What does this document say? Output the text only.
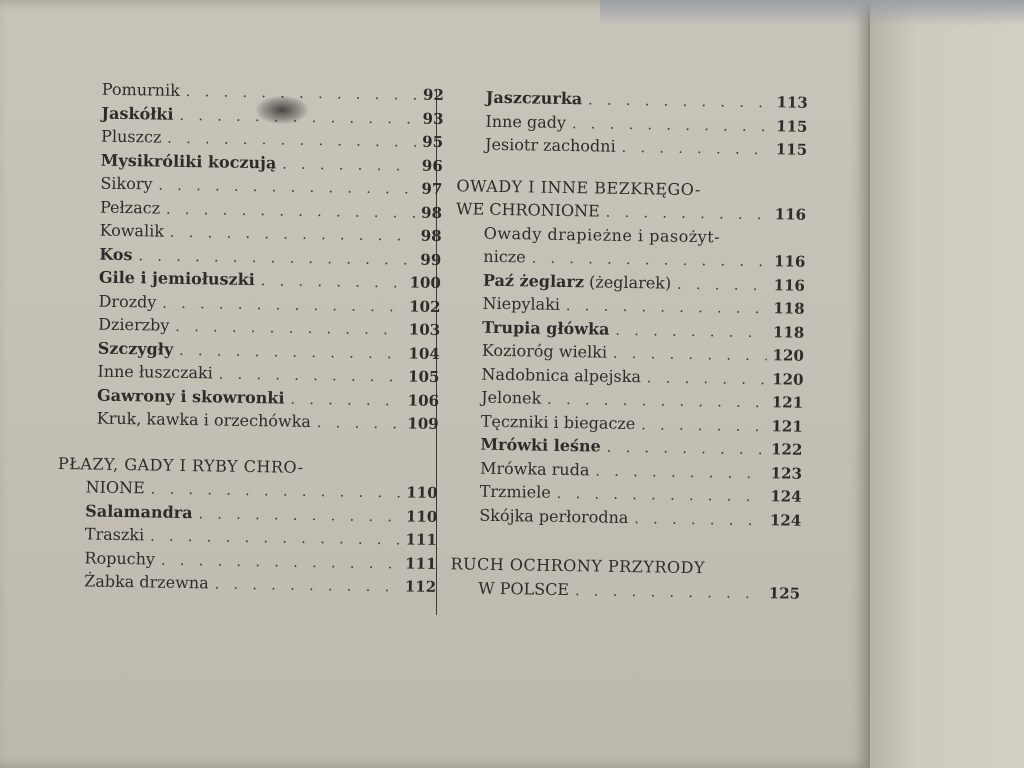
Pomurnik . . .	92
Jaskółki . . .	93
Pluszcz . . .	95
Mysikróliki koczują . . .	96
Sikory . . .	97
Pełzacz . . .	98
Kowalik . . .	98
Kos . . .	99
Gile i jemiołuszki . . .	100
Drozdy . . .	102
Dzierzby . . .	103
Szczygły . . .	104
Inne łuszczaki . . .	105
Gawrony i skowronki . . .	106
Kruk, kawka i orzechówka . . .	109
PŁAZY, GADY I RYBY CHRO-
NIONE . . .	110
Salamandra . . .	110
Traszki . . .	111
Ropuchy . . .	111
Żabka drzewna . . .	112
Jaszczurka . . .	113
Inne gady . . .	115
Jesiotr zachodni . . .	115
OWADY I INNE BEZKRĘGO-
WE CHRONIONE . . .	116
Owady drapieżne i pasożyt-
nicze . . .	116
Paź żeglarz (żeglarek) . . .	116
Niepylaki . . .	118
Trupia główka . . .	118
Kozioróg wielki . . .	120
Nadobnica alpejska . . .	120
Jelonek . . .	121
Tęczniki i biegacze . . .	121
Mrówki leśne . . .	122
Mrówka ruda . . .	123
Trzmiele . . .	124
Skójka perłorodna . . .	124
RUCH OCHRONY PRZYRODY
W POLSCE . . .	125
